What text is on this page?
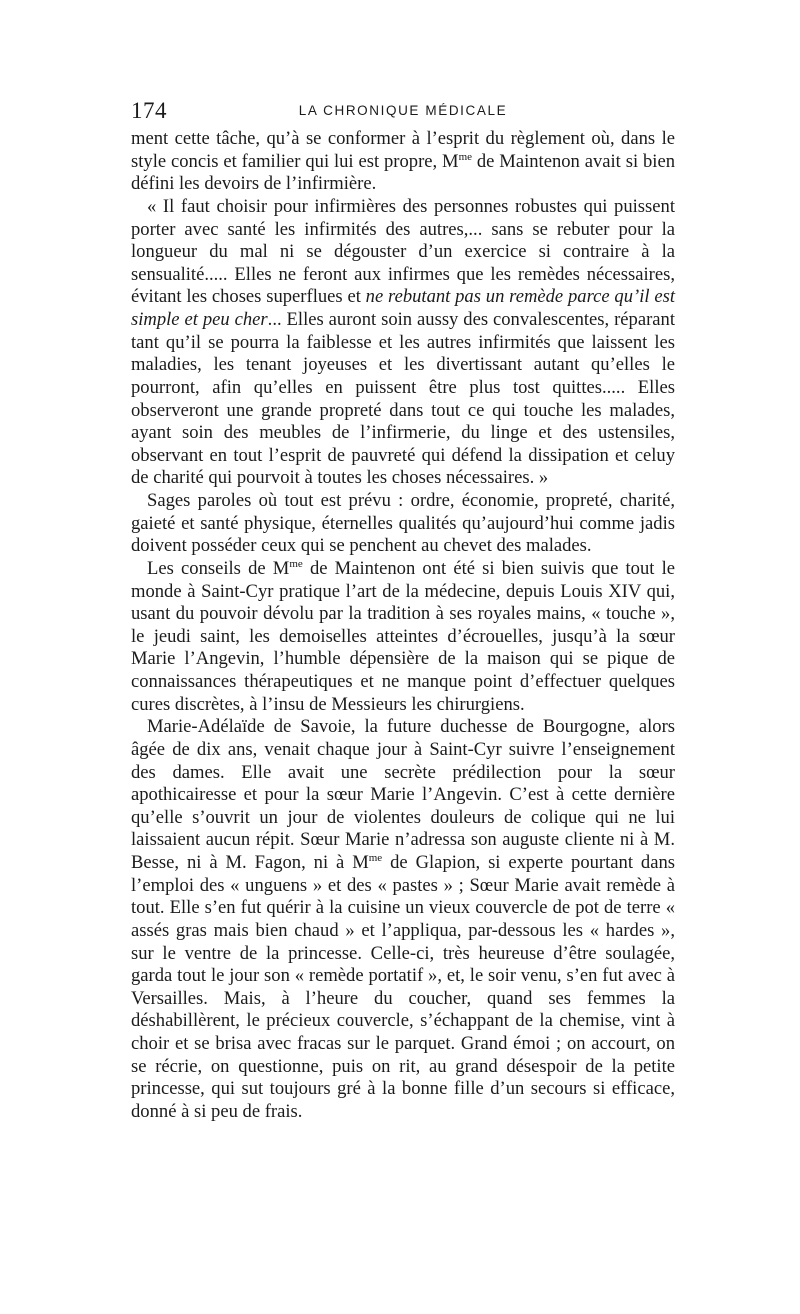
174	LA CHRONIQUE MÉDICALE

ment cette tâche, qu’à se conformer à l’esprit du règlement où, dans le style concis et familier qui lui est propre, $M^{me}$ de Maintenon avait si bien défini les devoirs de l’infirmière.

« Il faut choisir pour infirmières des personnes robustes qui puissent porter avec santé les infirmités des autres,... sans se rebuter pour la longueur du mal ni se dégouster d’un exercice si contraire à la sensualité..... Elles ne feront aux infirmes que les remèdes nécessaires, évitant les choses superflues et ne rebutant pas un remède parce qu’il est simple et peu cher... Elles auront soin aussy des convalescentes, réparant tant qu’il se pourra la faiblesse et les autres infirmités que laissent les maladies, les tenant joyeuses et les divertissant autant qu’elles le pourront, afin qu’elles en puissent être plus tost quittes..... Elles observeront une grande propreté dans tout ce qui touche les malades, ayant soin des meubles de l’infirmerie, du linge et des ustensiles, observant en tout l’esprit de pauvreté qui défend la dissipation et celuy de charité qui pourvoit à toutes les choses nécessaires. »

Sages paroles où tout est prévu : ordre, économie, propreté, charité, gaieté et santé physique, éternelles qualités qu’aujourd’hui comme jadis doivent posséder ceux qui se penchent au chevet des malades.

Les conseils de $M^{me}$ de Maintenon ont été si bien suivis que tout le monde à Saint-Cyr pratique l’art de la médecine, depuis Louis XIV qui, usant du pouvoir dévolu par la tradition à ses royales mains, « touche », le jeudi saint, les demoiselles atteintes d’écrouelles, jusqu’à la sœur Marie l’Angevin, l’humble dépensière de la maison qui se pique de connaissances thérapeutiques et ne manque point d’effectuer quelques cures discrètes, à l’insu de Messieurs les chirurgiens.

Marie-Adélaïde de Savoie, la future duchesse de Bourgogne, alors âgée de dix ans, venait chaque jour à Saint-Cyr suivre l’enseignement des dames. Elle avait une secrète prédilection pour la sœur apothicairesse et pour la sœur Marie l’Angevin. C’est à cette dernière qu’elle s’ouvrit un jour de violentes douleurs de colique qui ne lui laissaient aucun répit. Sœur Marie n’adressa son auguste cliente ni à M. Besse, ni à M. Fagon, ni à $M^{me}$ de Glapion, si experte pourtant dans l’emploi des « unguens » et des « pastes » ; Sœur Marie avait remède à tout. Elle s’en fut quérir à la cuisine un vieux couvercle de pot de terre « assés gras mais bien chaud » et l’appliqua, par-dessous les « hardes », sur le ventre de la princesse. Celle-ci, très heureuse d’être soulagée, garda tout le jour son « remède portatif », et, le soir venu, s’en fut avec à Versailles. Mais, à l’heure du coucher, quand ses femmes la déshabillèrent, le précieux couvercle, s’échappant de la chemise, vint à choir et se brisa avec fracas sur le parquet. Grand émoi ; on accourt, on se récrie, on questionne, puis on rit, au grand désespoir de la petite princesse, qui sut toujours gré à la bonne fille d’un secours si efficace, donné à si peu de frais.
